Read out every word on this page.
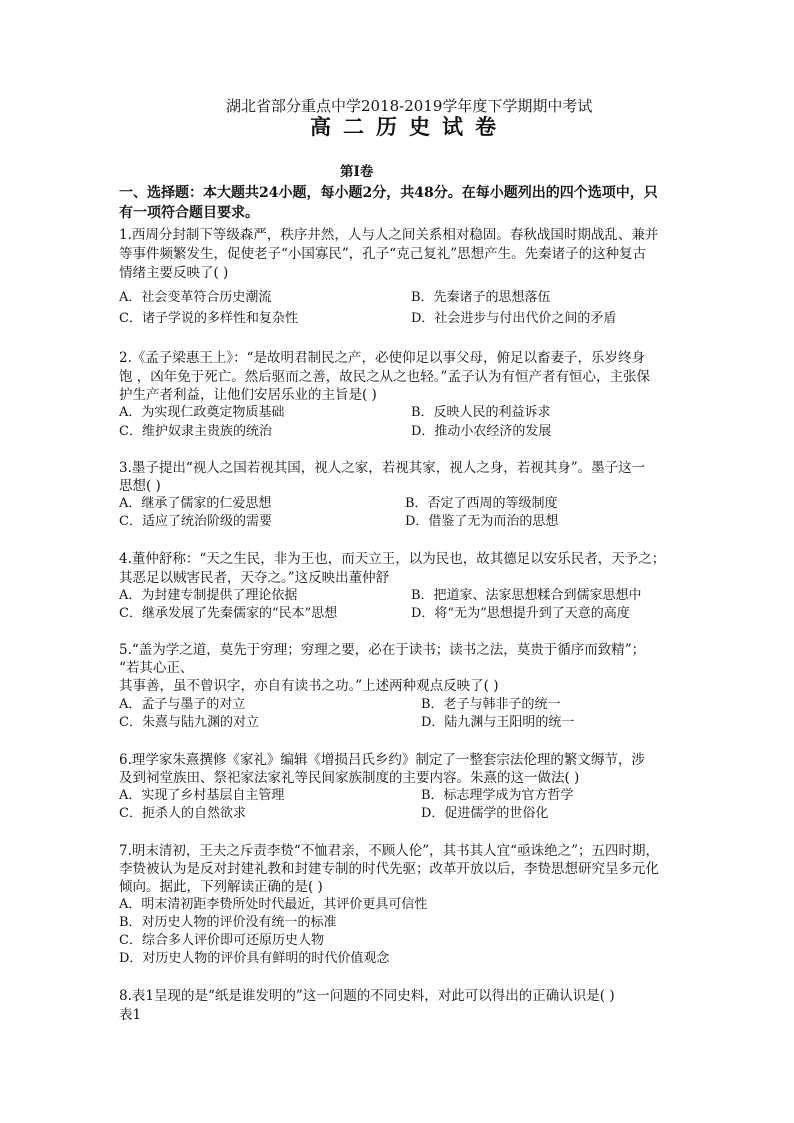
湖北省部分重点中学2018-2019学年度下学期期中考试
高二历史试卷
第Ⅰ卷
一、选择题：本大题共24小题，每小题2分，共48分。在每小题列出的四个选项中，只
有一项符合题目要求。
1.西周分封制下等级森严，秩序井然，人与人之间关系相对稳固。春秋战国时期战乱、兼并
等事件频繁发生，促使老子“小国寡民”，孔子“克己复礼”思想产生。先秦诸子的这种复古
情绪主要反映了( )
A．社会变革符合历史潮流	B．先秦诸子的思想落伍
C．诸子学说的多样性和复杂性	D．社会进步与付出代价之间的矛盾
2.《孟子梁惠王上》：“是故明君制民之产，必使仰足以事父母，俯足以畜妻子，乐岁终身
饱 ，凶年免于死亡。然后驱而之善，故民之从之也轻。”孟子认为有恒产者有恒心，主张保
护生产者利益，让他们安居乐业的主旨是( )
A．为实现仁政奠定物质基础	B．反映人民的利益诉求
C．维护奴隶主贵族的统治	D．推动小农经济的发展
3.墨子提出“视人之国若视其国，视人之家，若视其家，视人之身，若视其身”。墨子这一
思想( )
A．继承了儒家的仁爱思想	B．否定了西周的等级制度
C．适应了统治阶级的需要	D．借鉴了无为而治的思想
4.董仲舒称：“天之生民，非为王也，而天立王，以为民也，故其德足以安乐民者，天予之；
其恶足以贼害民者，天夺之。”这反映出董仲舒
A．为封建专制提供了理论依据	B．把道家、法家思想糅合到儒家思想中
C．继承发展了先秦儒家的“民本”思想	D．将“无为”思想提升到了天意的高度
5.“盖为学之道，莫先于穷理；穷理之要，必在于读书；读书之法，莫贵于循序而致精”；
“若其心正、
其事善，虽不曾识字，亦自有读书之功。”上述两种观点反映了( )
A．孟子与墨子的对立	B．老子与韩非子的统一
C．朱熹与陆九渊的对立	D．陆九渊与王阳明的统一
6.理学家朱熹撰修《家礼》编辑《增损吕氏乡约》制定了一整套宗法伦理的繁文缛节，涉
及到祠堂族田、祭祀家法家礼等民间家族制度的主要内容。朱熹的这一做法( )
A．实现了乡村基层自主管理	B．标志理学成为官方哲学
C．扼杀人的自然欲求	D．促进儒学的世俗化
7.明末清初，王夫之斥责李贽“不恤君亲，不顾人伦”，其书其人宜“亟诛绝之”；五四时期，
李贽被认为是反对封建礼教和封建专制的时代先驱；改革开放以后，李贽思想研究呈多元化
倾向。据此，下列解读正确的是( )
A．明末清初距李贽所处时代最近，其评价更具可信性
B．对历史人物的评价没有统一的标准
C．综合多人评价即可还原历史人物
D．对历史人物的评价具有鲜明的时代价值观念
8.表1呈现的是“纸是谁发明的”这一问题的不同史料，对此可以得出的正确认识是( )
表1
